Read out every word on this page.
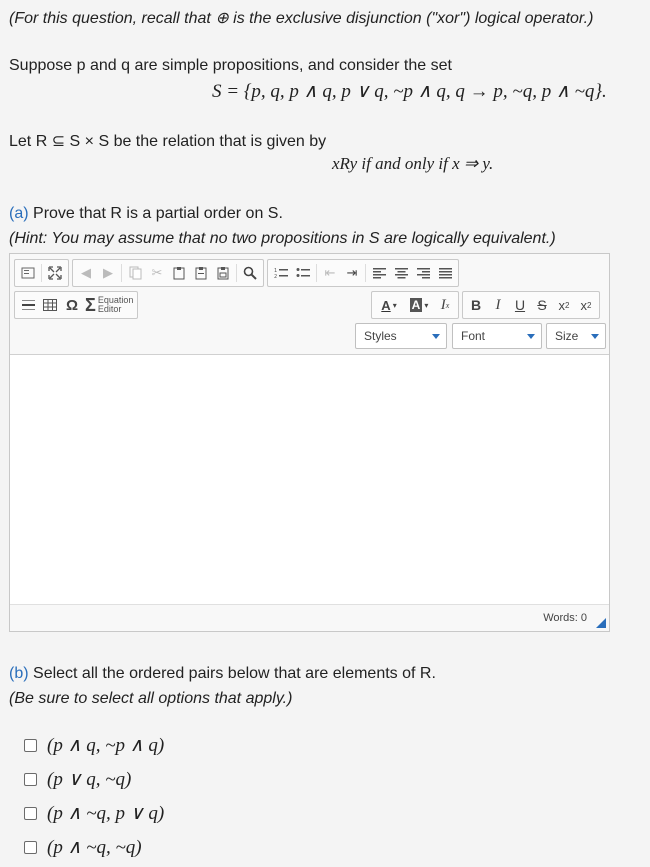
(For this question, recall that ⊕ is the exclusive disjunction ("xor") logical operator.)
Suppose p and q are simple propositions, and consider the set
S = {p, q, p ∧ q, p ∨ q, ~p ∧ q, q → p, ~q, p ∧ ~q}.
Let R ⊆ S × S be the relation that is given by
xRy if and only if x ⇒ y.
(a) Prove that R is a partial order on S.
(Hint: You may assume that no two propositions in S are logically equivalent.)
◀ ▶	✂	1
2	⇤ ⇥
Ω Σ Equation
Editor	A ▾ A ▾ I x	B I	U S x 2 x 2
Styles	Font	Size
Words: 0
(b) Select all the ordered pairs below that are elements of R.
(Be sure to select all options that apply.)
(p ∧ q, ~p ∧ q)
(p ∨ q, ~q)
(p ∧ ~q, p ∨ q)
(p ∧ ~q, ~q)
